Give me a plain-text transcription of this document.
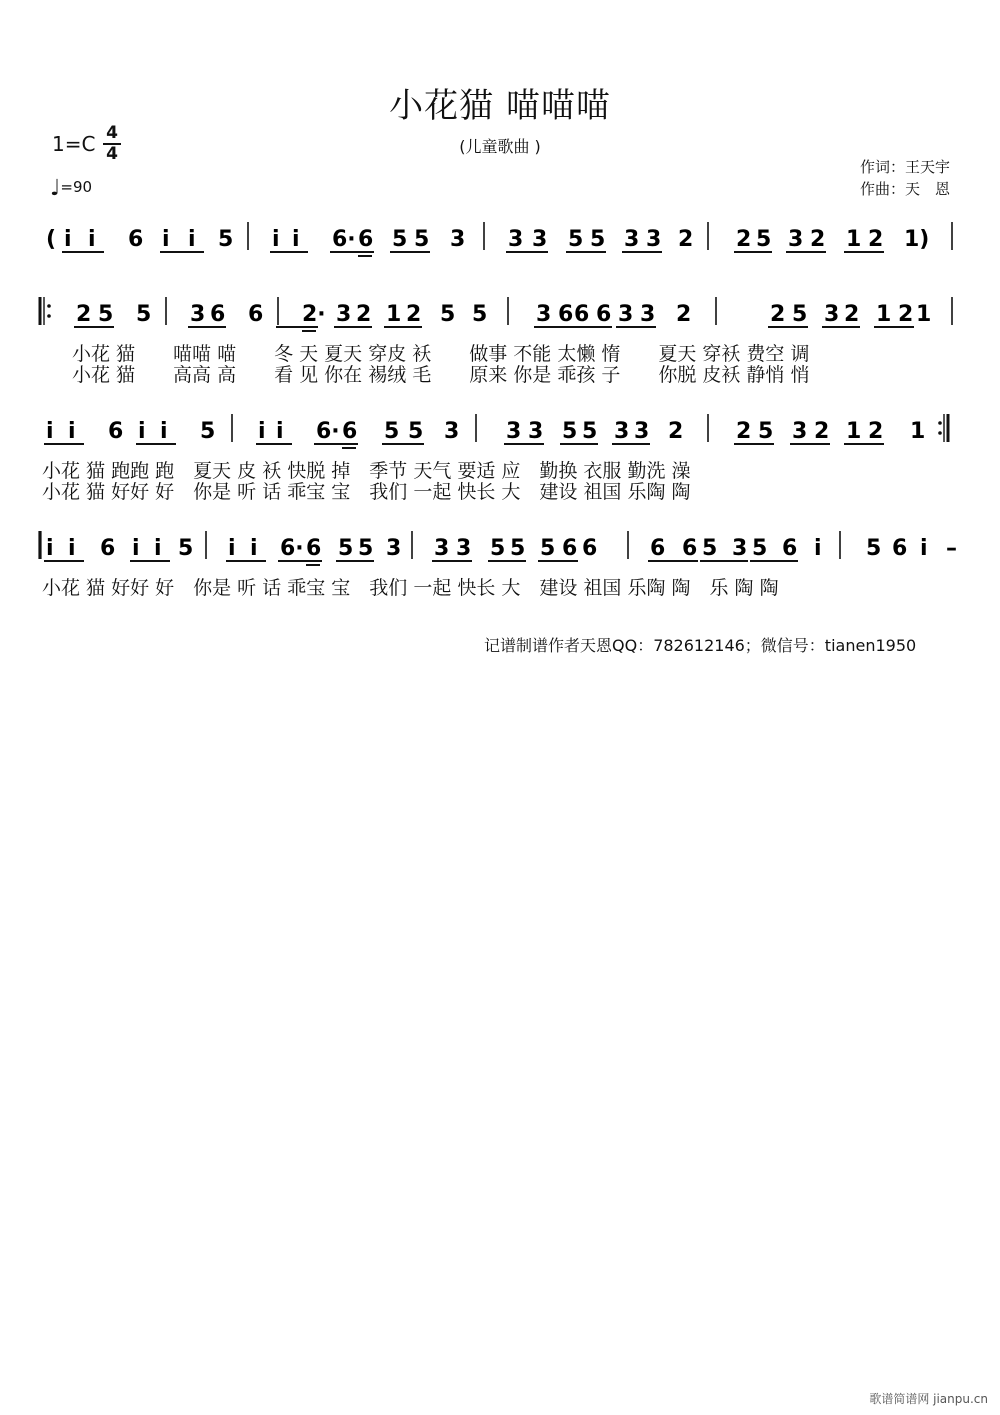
小花猫 喵喵喵
(儿童歌曲 )
1=C 4
4
♩=90
作词：王天宇
作曲：天　恩
( i i 6 i i 5 i i 6· 6 5 5 3 3 3 5 5 3 3 2 2 5 3 2 1 2 1)
2 5 5 3 6 6 2· 3 2 1 2 5 5 3 6 6 6 3 3 2	2 5 3 2 1 2 1
小花 猫　　喵喵 喵　　冬 天 夏天 穿皮 袄　　做事 不能 太懒 惰　　夏天 穿袄 费空 调
小花 猫　　高高 高　　看 见 你在 裼绒 毛　　原来 你是 乖孩 子　　你脱 皮袄 静悄 悄
i i 6 i i 5 i i 6· 6 5 5 3 3 3 5 5 3 3 2 2 5 3 2 1 2 1
小花 猫 跑跑 跑　夏天 皮 袄 快脱 掉　季节 天气 要适 应　勤换 衣服 勤洗 澡
小花 猫 好好 好　你是 听 话 乖宝 宝　我们 一起 快长 大　建设 祖国 乐陶 陶
i i 6 i i 5 i i 6· 6 5 5 3 3 3 5 5 5 6 6 6 6 5 3 5 6 i 5 6 i –
小花 猫 好好 好　你是 听 话 乖宝 宝　我们 一起 快长 大　建设 祖国 乐陶 陶　乐 陶 陶
记谱制谱作者天恩QQ：782612146；微信号：tianen1950
歌谱简谱网 jianpu.cn
